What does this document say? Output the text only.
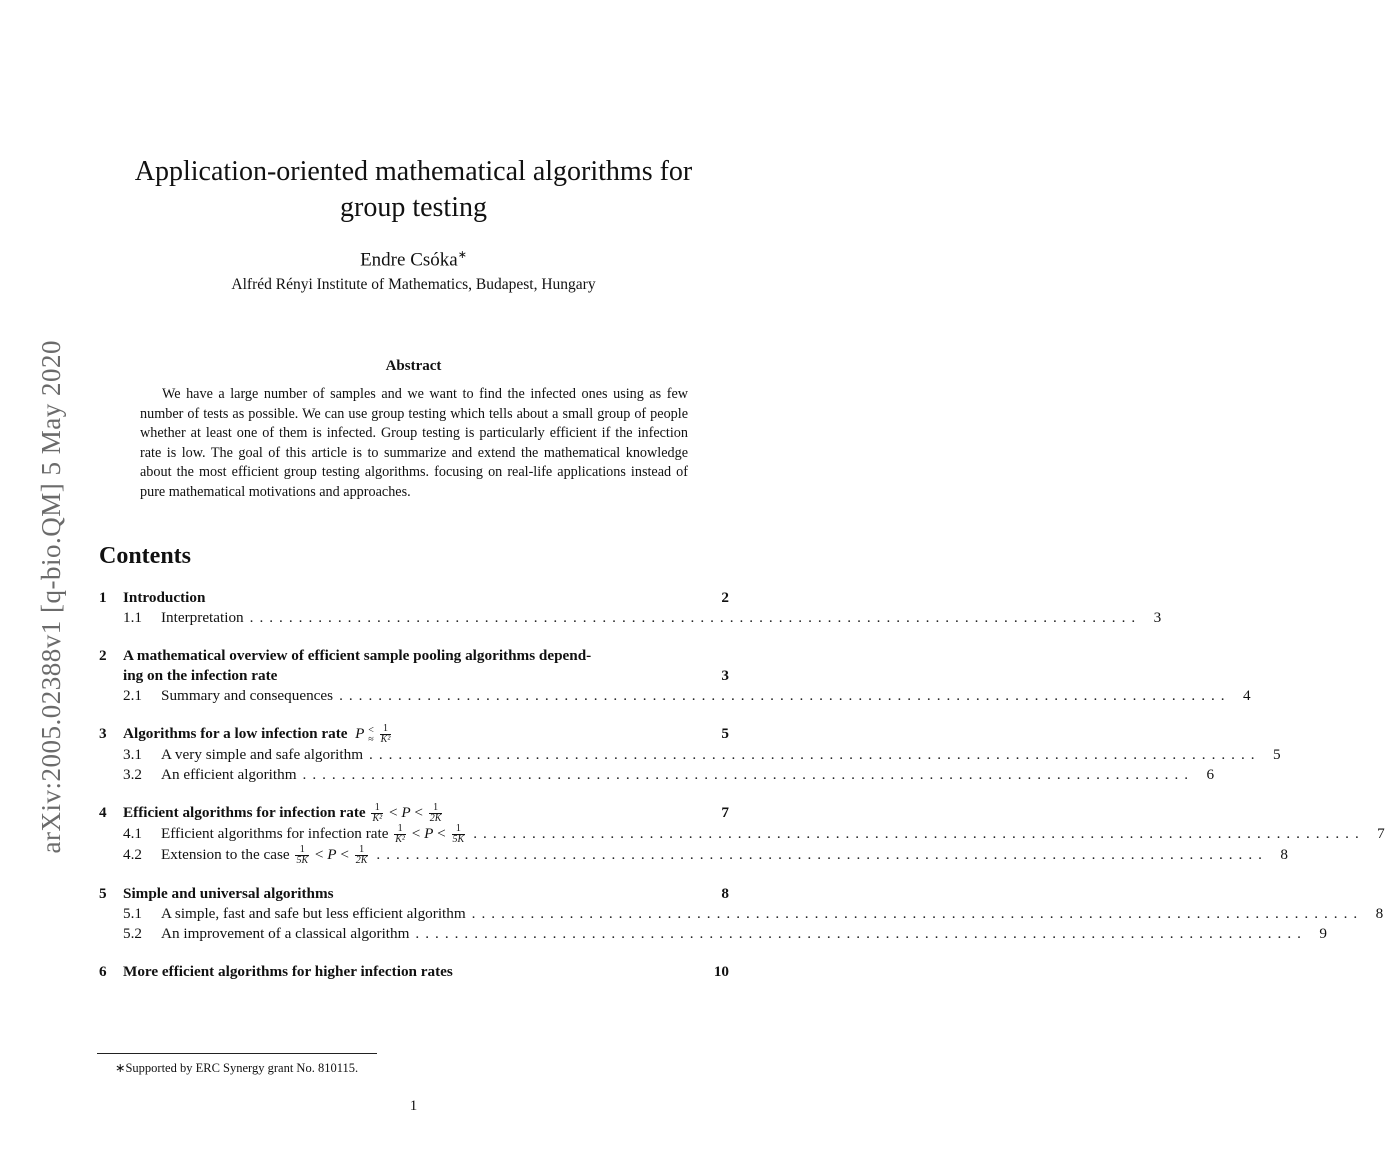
arXiv:2005.02388v1 [q-bio.QM] 5 May 2020
Application-oriented mathematical algorithms for group testing
Endre Csóka∗
Alfréd Rényi Institute of Mathematics, Budapest, Hungary
Abstract
We have a large number of samples and we want to find the infected ones using as few number of tests as possible. We can use group testing which tells about a small group of people whether at least one of them is infected. Group testing is particularly efficient if the infection rate is low. The goal of this article is to summarize and extend the mathematical knowledge about the most efficient group testing algorithms. focusing on real-life applications instead of pure mathematical motivations and approaches.
Contents
1	Introduction	2
1.1	Interpretation ........................................................................................... 3
2	A mathematical overview of efficient sample pooling algorithms depend-
ing on the infection rate	3
2.1	Summary and consequences ........................................................................................... 4
3	Algorithms for a low infection rate  P <
≈
$\frac{1}{\text{K²}}$	5
3.1	A very simple and safe algorithm ........................................................................................... 5
3.2	An efficient algorithm ........................................................................................... 6
4	Efficient algorithms for infection rate $\frac{1}{\text{K²}} < P < \frac{1}{2K}$	7
4.1	Efficient algorithms for infection rate $\frac{1}{\text{K²}} < P < \frac{1}{5K}$ ........................................................................................... 7
4.2	Extension to the case $\frac{1}{5K} < P < \frac{1}{2K}$ ........................................................................................... 8
5	Simple and universal algorithms	8
5.1	A simple, fast and safe but less efficient algorithm ........................................................................................... 8
5.2	An improvement of a classical algorithm ........................................................................................... 9
6	More efficient algorithms for higher infection rates	10
∗Supported by ERC Synergy grant No. 810115.
1
